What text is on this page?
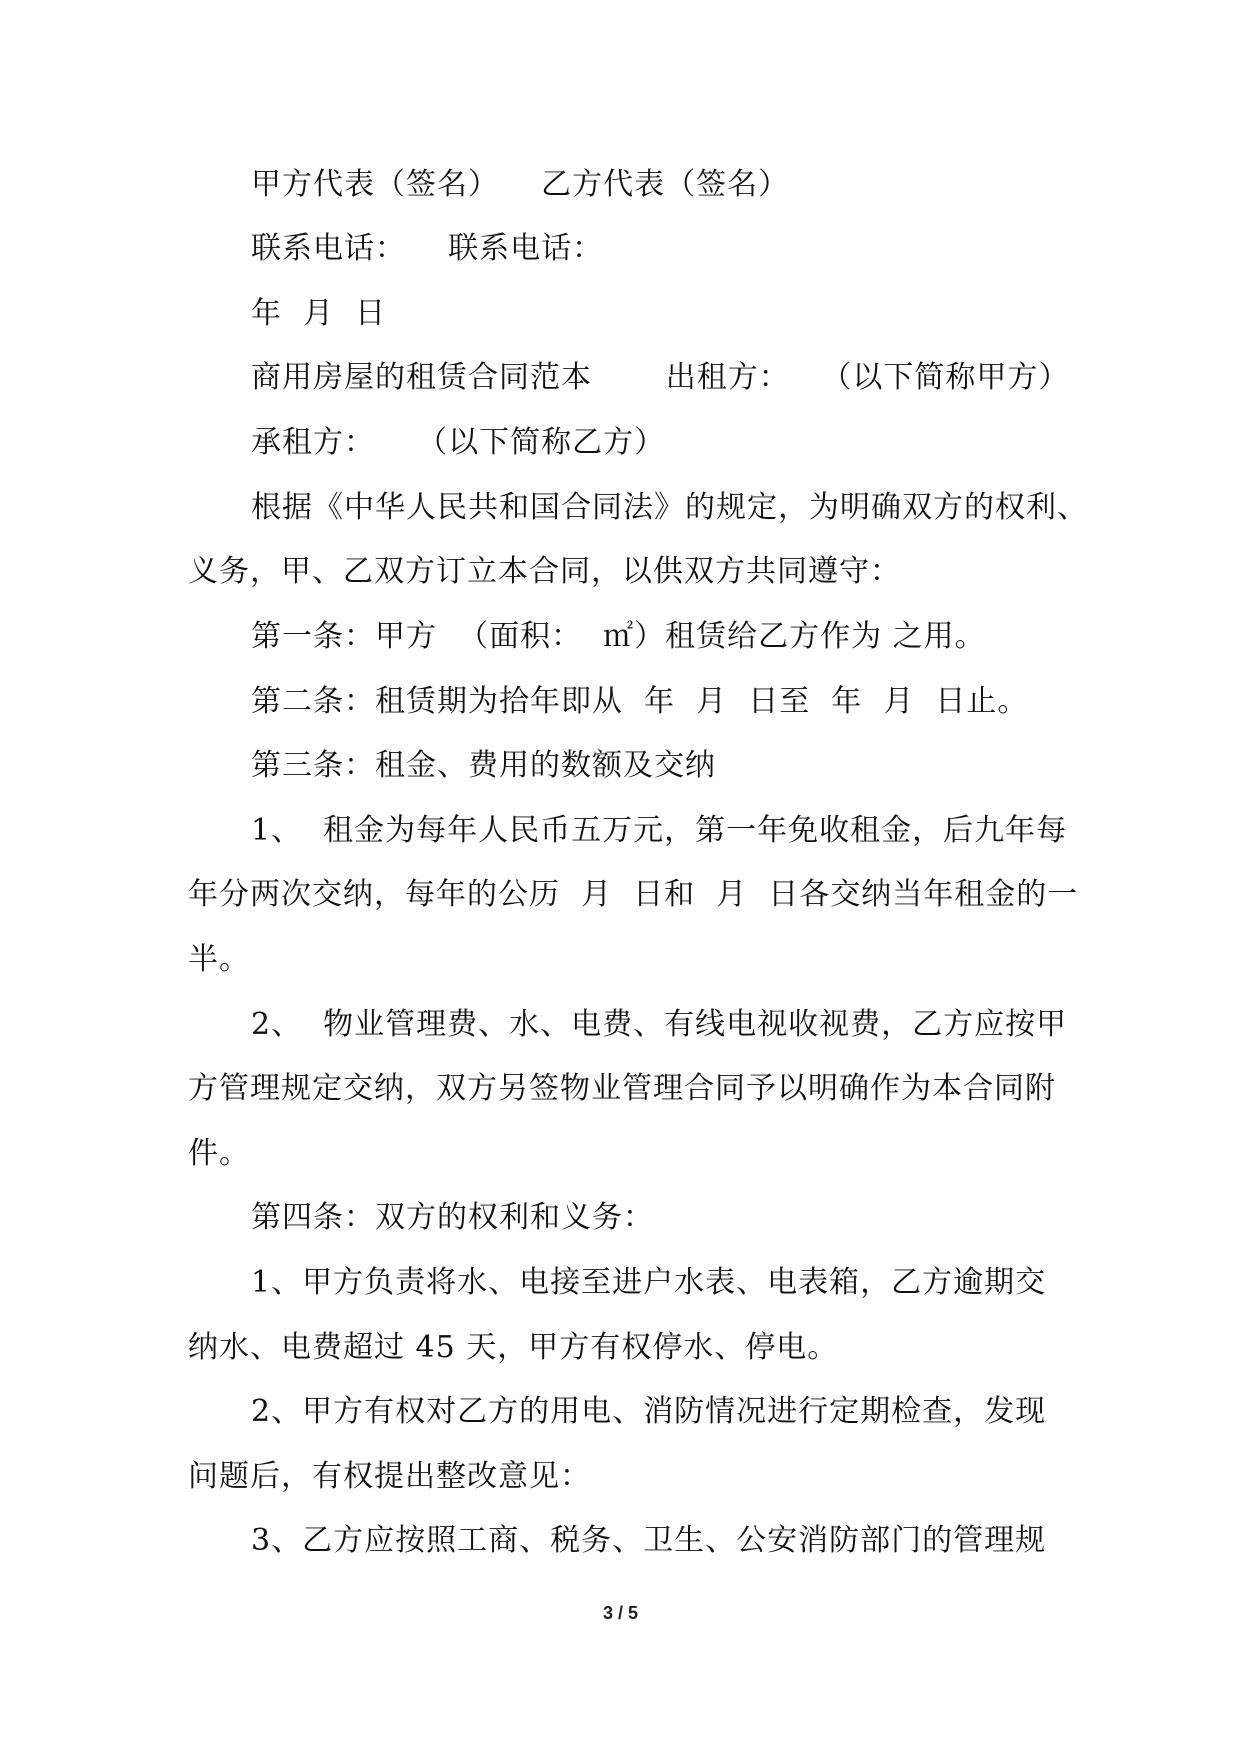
甲方代表（签名）    乙方代表（签名）
联系电话：    联系电话：
年  月  日
商用房屋的租赁合同范本       出租方：   （以下简称甲方）
承租方：    （以下简称乙方）
根据《中华人民共和国合同法》的规定，为明确双方的权利、
义务，甲、乙双方订立本合同，以供双方共同遵守：
第一条：甲方  （面积：  ㎡）租赁给乙方作为 之用。
第二条：租赁期为拾年即从  年  月  日至  年  月  日止。
第三条：租金、费用的数额及交纳
1、  租金为每年人民币五万元，第一年免收租金，后九年每
年分两次交纳，每年的公历  月  日和  月  日各交纳当年租金的一
半。
2、  物业管理费、水、电费、有线电视收视费，乙方应按甲
方管理规定交纳，双方另签物业管理合同予以明确作为本合同附
件。
第四条：双方的权利和义务：
1、甲方负责将水、电接至进户水表、电表箱，乙方逾期交
纳水、电费超过 45 天，甲方有权停水、停电。
2、甲方有权对乙方的用电、消防情况进行定期检查，发现
问题后，有权提出整改意见：
3、乙方应按照工商、税务、卫生、公安消防部门的管理规
3 / 5
